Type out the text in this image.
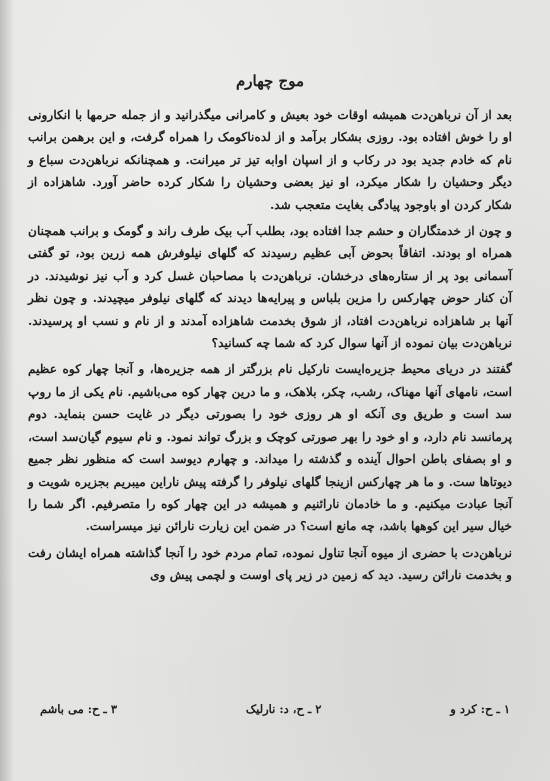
موج چهارم

بعد از آن نرباهن‌دت همیشه اوقات خود بعیش و کامرانی میگذرانید و از جمله حرمها با انکارونی او را خوش افتاده بود. روزی بشکار برآمد و از لده‌ناکومک را همراه گرفت، و این برهمن برانب نام که خادم جدید بود در رکاب و از اسپان اوابه تیز تر میرانت. و همچنانکه نرباهن‌دت سباع و دیگر وحشیان را شکار میکرد، او نیز بعضی وحشیان را شکار کرده حاضر آورد. شاهزاده از شکار کردن او باوجود پیادگی بغایت متعجب شد.

و چون از خدمتگاران و حشم جدا افتاده بود، بطلب آب بیک طرف راند و گومک و برانب همچنان همراه او بودند. اتفاقاً بحوض آبی عظیم رسیدند که گلهای نیلوفرش همه زرین بود، تو گفتی آسمانی بود پر از ستاره‌های درخشان. نرباهن‌دت با مصاحبان غسل کرد و آب نیز نوشیدند. در آن کنار حوض چهارکس را مزین بلباس و پیرایه‌ها دیدند که گلهای نیلوفر میچیدند. و چون نظر آنها بر شاهزاده نرباهن‌دت افتاد، از شوق بخدمت شاهزاده آمدند و از نام و نسب او پرسیدند. نرباهن‌دت بیان نموده از آنها سوال کرد که شما چه کسانید؟

گفتند در دریای محیط جزیره‌ایست نارکیل نام بزرگتر از همه جزیره‌ها، و آنجا چهار کوه عظیم است، نامهای آنها مهناک، رشب، چکر، بلاهک، و ما درین چهار کوه می‌باشیم. نام یکی از ما روپ سد است و طریق وی آنکه او هر روزی خود را بصورتی دیگر در غایت حسن بنماید. دوم پرمانسد نام دارد، و او خود را بهر صورتی کوچک و بزرگ تواند نمود. و نام سیوم گیان‌سد است، و او بصفای باطن احوال آینده و گذشته را میداند. و چهارم دیوسد است که منظور نظر جمیع دیوتاها ست. و ما هر چهارکس ازینجا گلهای نیلوفر را گرفته پیش ناراین میبریم بجزیره شویت و آنجا عبادت میکنیم. و ما خادمان نارائنیم و همیشه در این چهار کوه را متصرفیم. اگر شما را خیال سیر این کوهها باشد، چه مانع است؟ در ضمن این زیارت نارائن نیز میسراست.

نرباهن‌دت با حضری از میوه آنجا تناول نموده، تمام مردم خود را آنجا گذاشته همراه ایشان رفت و بخدمت نارائن رسید. دید که زمین در زیر پای اوست و لچمی پیش وی

۱ ـ ح: کرد و
۲ ـ ح، د: نارلیک
۳ ـ ح: می باشم
